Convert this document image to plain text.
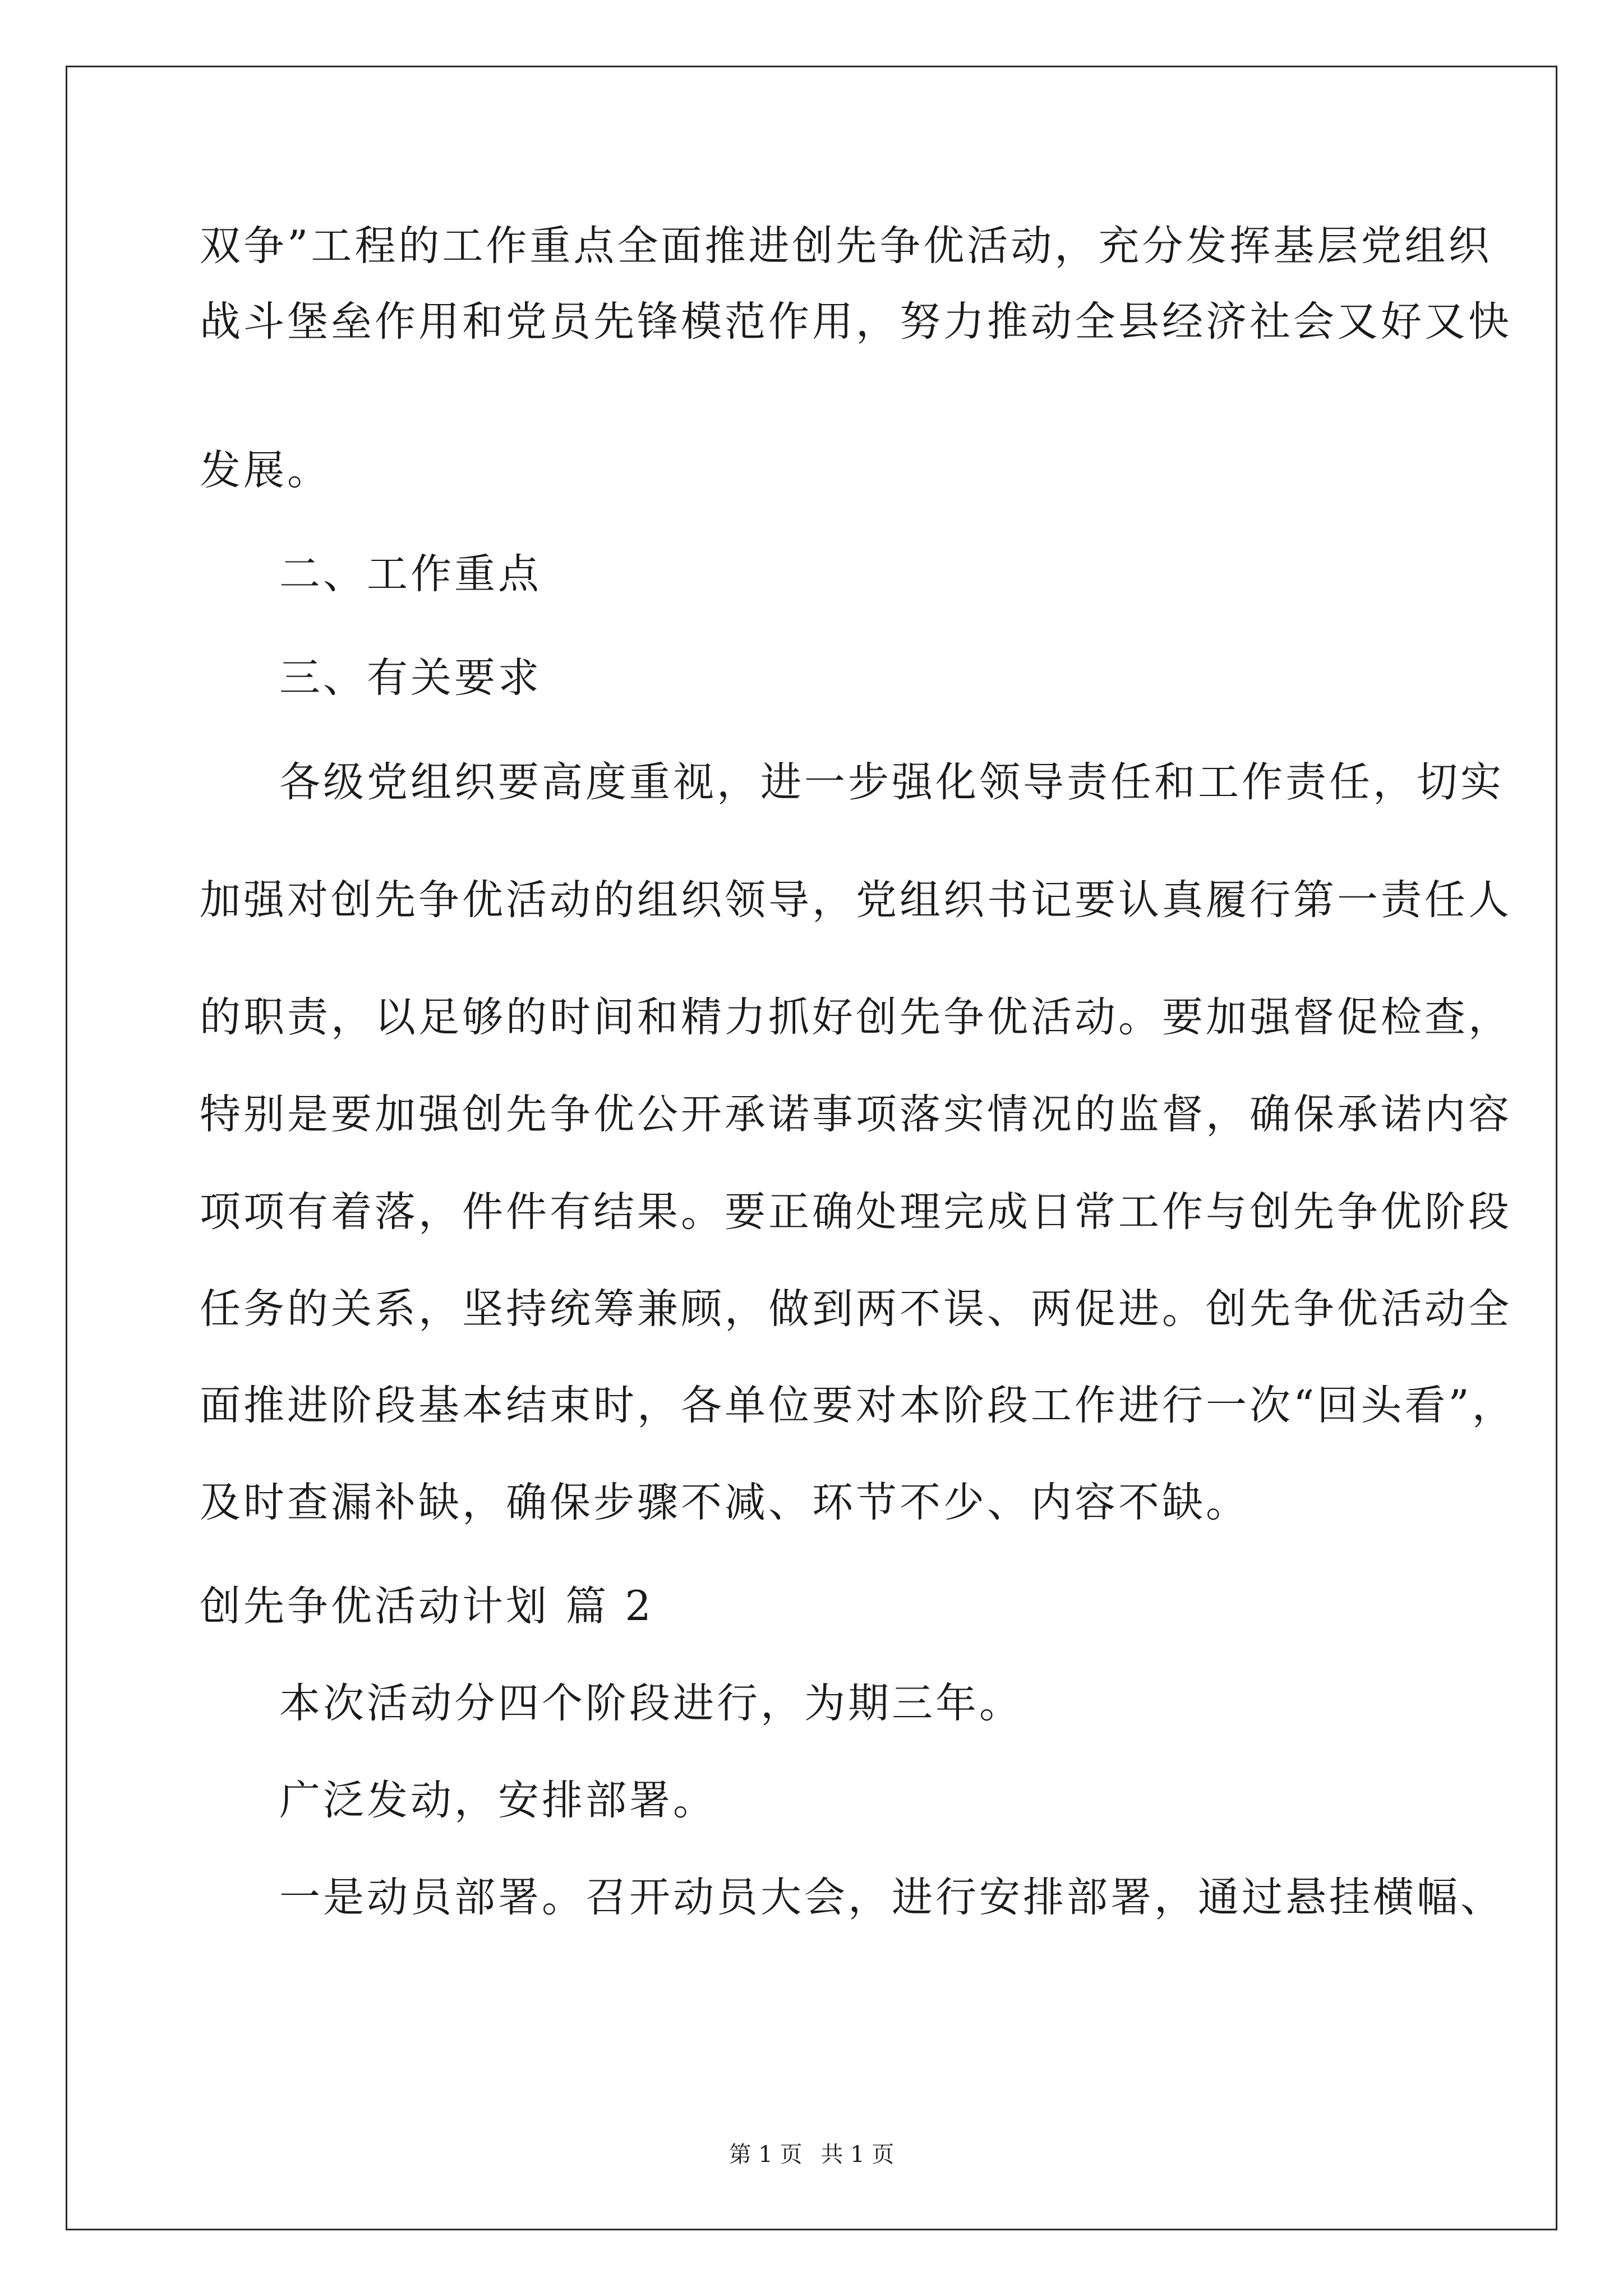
双争”工程的工作重点全面推进创先争优活动，充分发挥基层党组织
战斗堡垒作用和党员先锋模范作用，努力推动全县经济社会又好又快
发展。
二、工作重点
三、有关要求
各级党组织要高度重视，进一步强化领导责任和工作责任，切实
加强对创先争优活动的组织领导，党组织书记要认真履行第一责任人
的职责，以足够的时间和精力抓好创先争优活动。要加强督促检查，
特别是要加强创先争优公开承诺事项落实情况的监督，确保承诺内容
项项有着落，件件有结果。要正确处理完成日常工作与创先争优阶段
任务的关系，坚持统筹兼顾，做到两不误、两促进。创先争优活动全
面推进阶段基本结束时，各单位要对本阶段工作进行一次“回头看”，
及时查漏补缺，确保步骤不减、环节不少、内容不缺。
创先争优活动计划 篇 2
本次活动分四个阶段进行，为期三年。
广泛发动，安排部署。
一是动员部署。召开动员大会，进行安排部署，通过悬挂横幅、
第 1 页 共 1 页
